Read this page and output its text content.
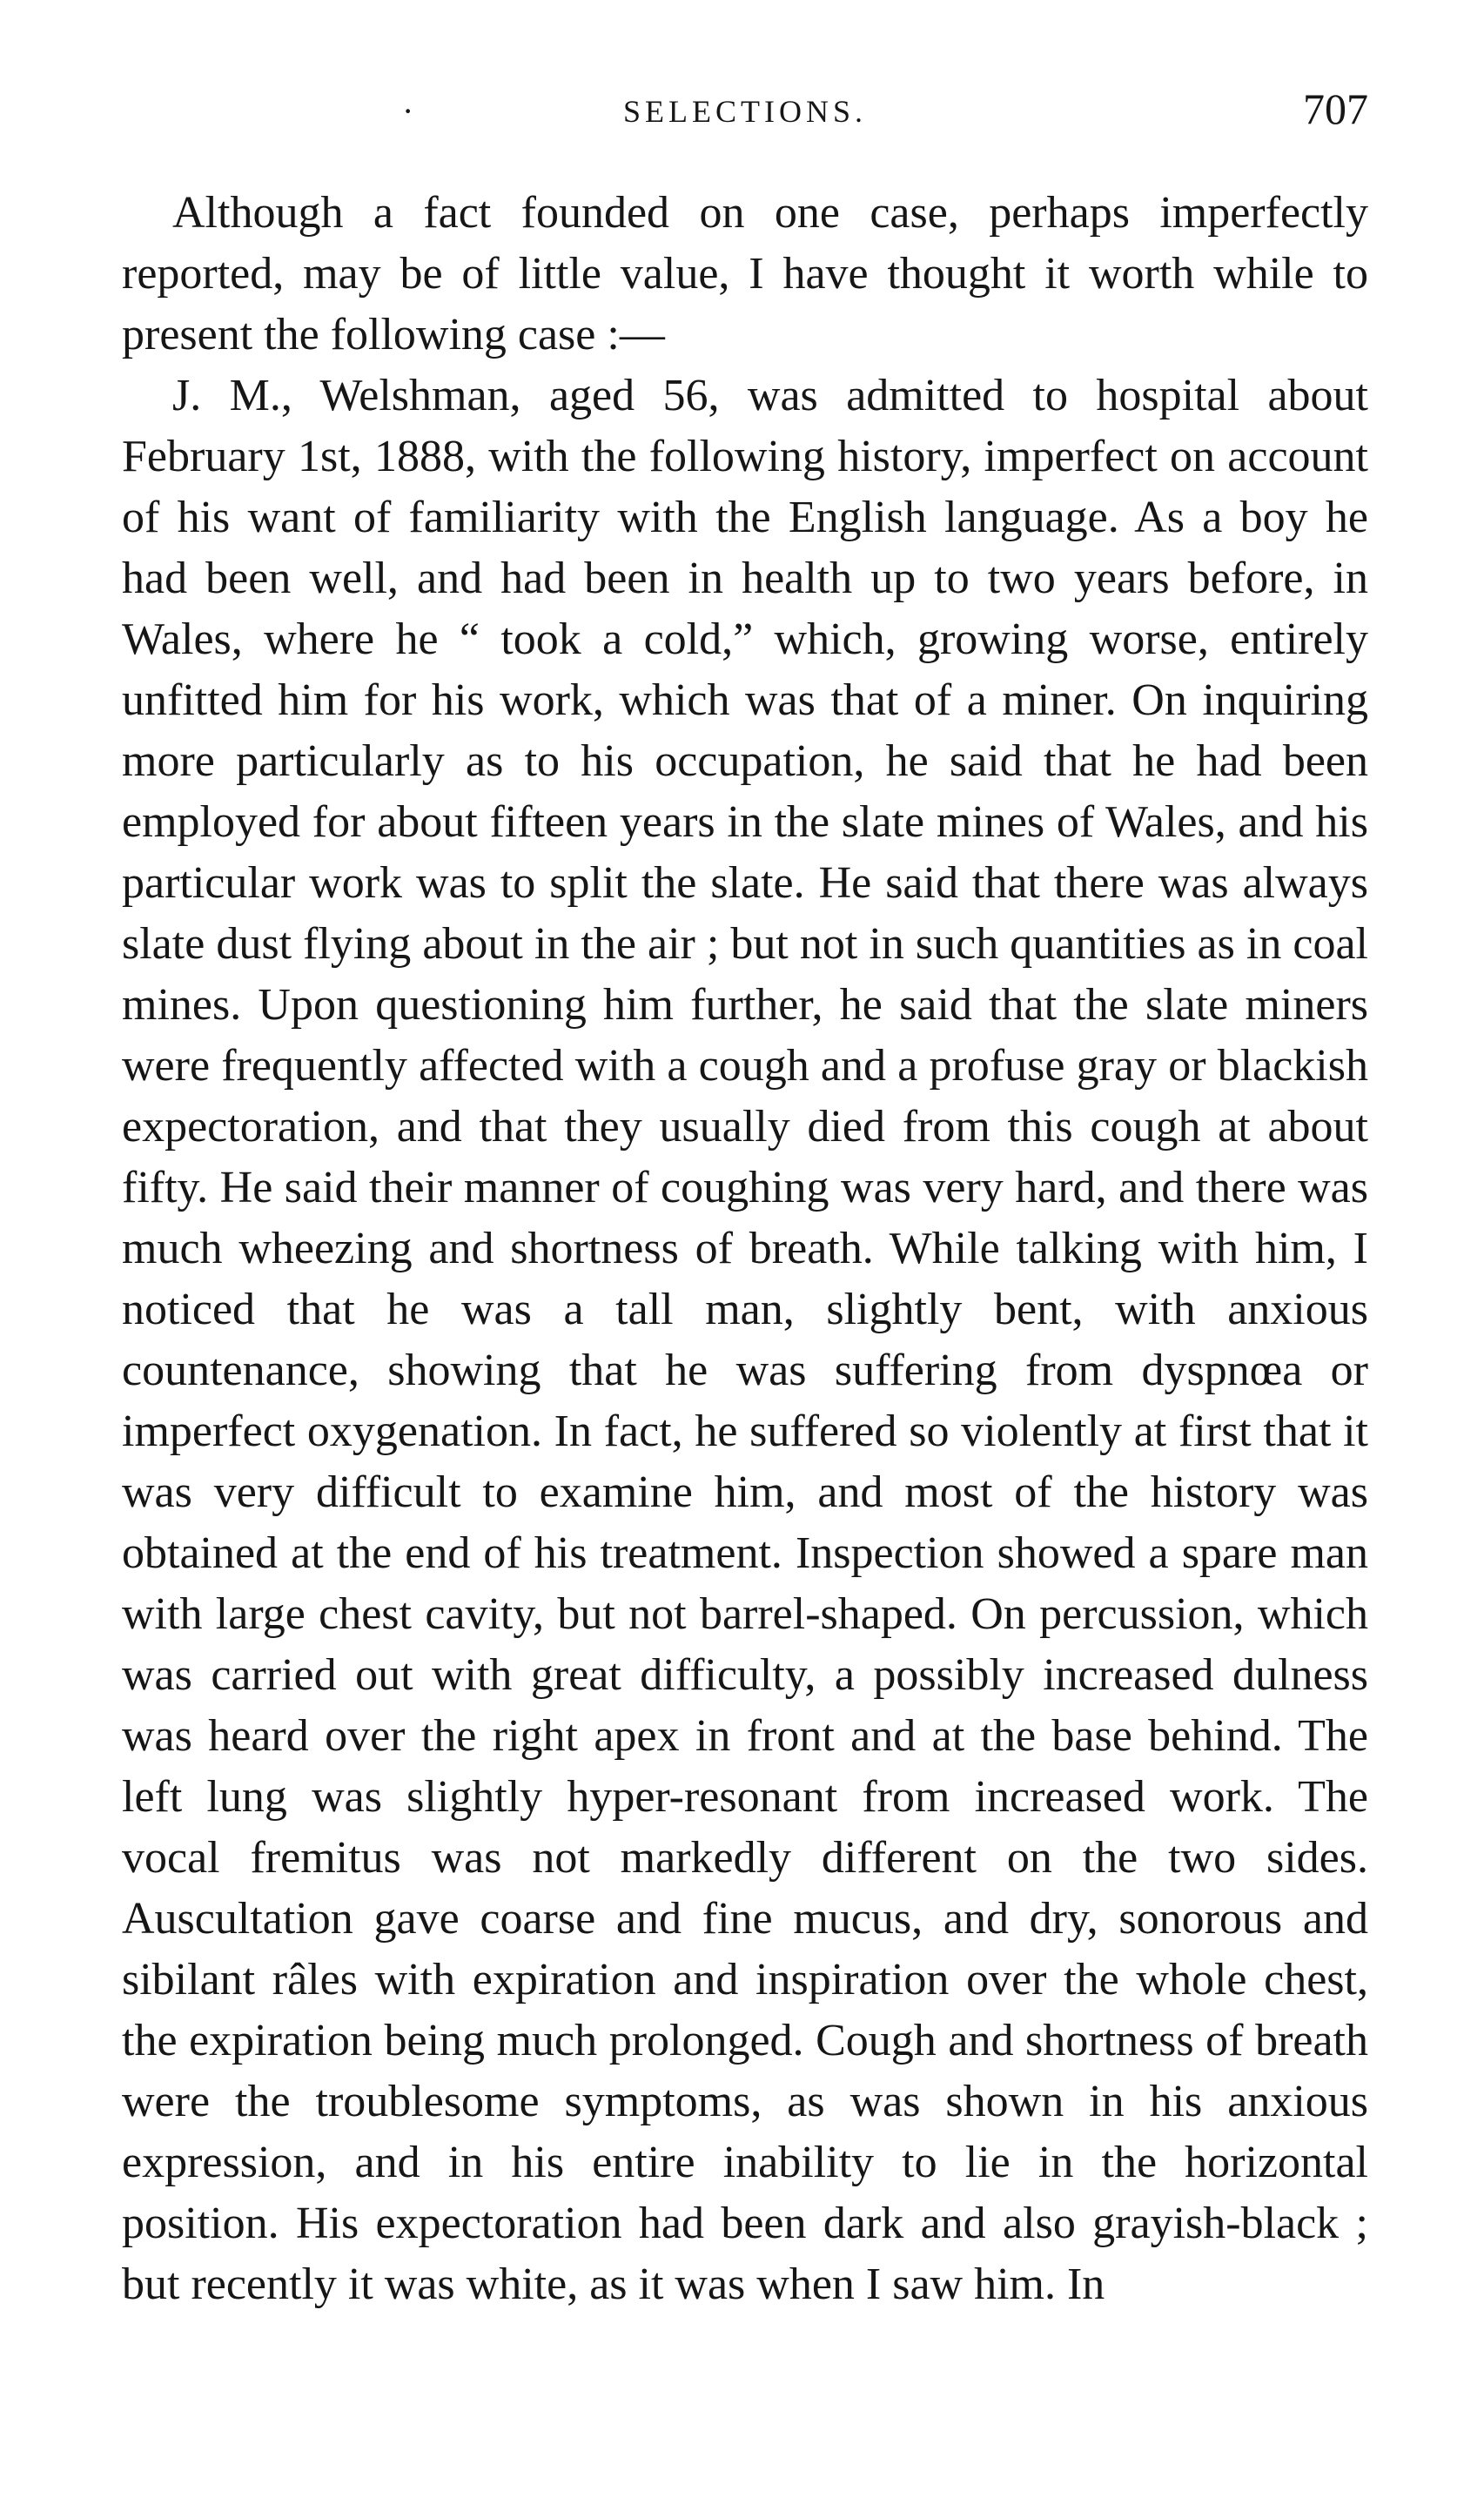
·	SELECTIONS.	707

Although a fact founded on one case, perhaps imperfectly reported, may be of little value, I have thought it worth while to present the following case :—

J. M., Welshman, aged 56, was admitted to hospital about February 1st, 1888, with the following history, imperfect on account of his want of familiarity with the English language. As a boy he had been well, and had been in health up to two years before, in Wales, where he “ took a cold,” which, growing worse, entirely unfitted him for his work, which was that of a miner. On inquiring more particularly as to his occupation, he said that he had been employed for about fifteen years in the slate mines of Wales, and his particular work was to split the slate. He said that there was always slate dust flying about in the air ; but not in such quantities as in coal mines. Upon questioning him further, he said that the slate miners were frequently affected with a cough and a profuse gray or blackish expectoration, and that they usually died from this cough at about fifty. He said their manner of coughing was very hard, and there was much wheezing and shortness of breath. While talking with him, I noticed that he was a tall man, slightly bent, with anxious countenance, showing that he was suffering from dyspnœa or imperfect oxygenation. In fact, he suffered so violently at first that it was very difficult to examine him, and most of the history was obtained at the end of his treatment. Inspection showed a spare man with large chest cavity, but not barrel-shaped. On percussion, which was carried out with great difficulty, a possibly increased dulness was heard over the right apex in front and at the base behind. The left lung was slightly hyper-resonant from increased work. The vocal fremitus was not markedly different on the two sides. Auscultation gave coarse and fine mucus, and dry, sonorous and sibilant râles with expiration and inspiration over the whole chest, the expiration being much prolonged. Cough and shortness of breath were the troublesome symptoms, as was shown in his anxious expression, and in his entire inability to lie in the horizontal position. His expectoration had been dark and also grayish-black ; but recently it was white, as it was when I saw him. In
